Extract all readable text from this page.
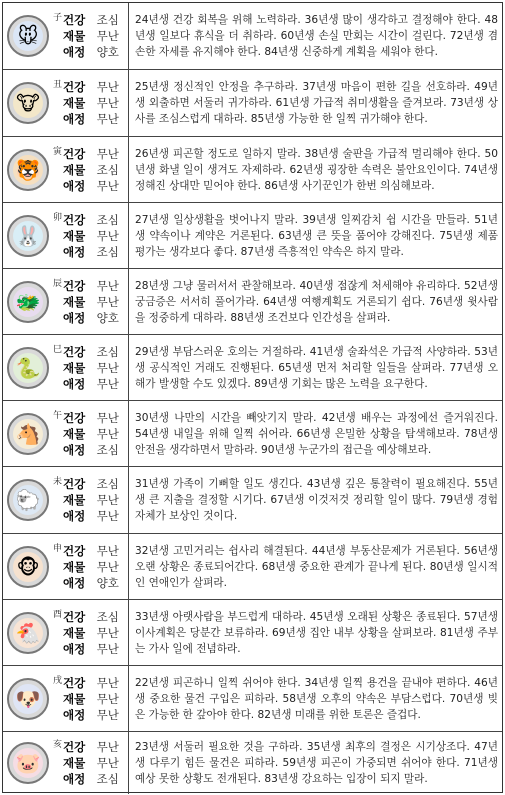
🐭
子 건강 조심
재물 무난
애정 양호
24년생 건강 회복을 위해 노력하라. 36년생 많이 생각하고 결정해야 한다. 48년생 일보다 휴식을 더 취하라. 60년생 손실 만회는 시간이 걸린다. 72년생 겸손한 자세를 유지해야 한다. 84년생 신중하게 계획을 세워야 한다.
🐮
丑 건강 무난
재물 무난
애정 무난
25년생 정신적인 안정을 추구하라. 37년생 마음이 편한 길을 선호하라. 49년생 외출하면 서둘러 귀가하라. 61년생 가급적 취미생활을 즐겨보라. 73년생 상사를 조심스럽게 대하라. 85년생 가능한 한 일찍 귀가해야 한다.
🐯
寅 건강 무난
재물 조심
애정 무난
26년생 피곤할 정도로 일하지 말라. 38년생 술판을 가급적 멀리해야 한다. 50년생 화낼 일이 생겨도 자제하라. 62년생 굉장한 속력은 불안요인이다. 74년생 정해진 상대만 믿어야 한다. 86년생 사기꾼인가 한번 의심해보라.
🐰
卯 건강 조심
재물 무난
애정 조심
27년생 일상생활을 벗어나지 말라. 39년생 일찌감치 쉽 시간을 만들라. 51년생 약속이나 계약은 거론된다. 63년생 큰 뜻을 품어야 강해진다. 75년생 제품 평가는 생각보다 좋다. 87년생 즉흥적인 약속은 하지 말라.
🐲
辰 건강 무난
재물 무난
애정 양호
28년생 그냥 물러서서 관찰해보라. 40년생 점잖게 처세해야 유리하다. 52년생 궁금증은 서서히 풀어가라. 64년생 여행계획도 거론되기 쉽다. 76년생 윗사람을 정중하게 대하라. 88년생 조건보다 인간성을 살펴라.
🐍
巳 건강 조심
재물 무난
애정 무난
29년생 부담스러운 호의는 거절하라. 41년생 술좌석은 가급적 사양하라. 53년생 공식적인 거래도 진행된다. 65년생 먼저 처리할 일들을 살펴라. 77년생 오해가 발생할 수도 있겠다. 89년생 기회는 많은 노력을 요구한다.
🐴
午 건강 무난
재물 무난
애정 조심
30년생 나만의 시간을 빼앗기지 말라. 42년생 배우는 과정에선 즐거워진다. 54년생 내일을 위해 일찍 쉬어라. 66년생 은밀한 상황을 탐색해보라. 78년생 안전을 생각하면서 말하라. 90년생 누군가의 접근을 예상해보라.
🐑
未 건강 조심
재물 무난
애정 무난
31년생 가족이 기뻐할 일도 생긴다. 43년생 깊은 통찰력이 필요해진다. 55년생 큰 지출을 결정할 시기다. 67년생 이것저것 정리할 일이 많다. 79년생 경험 자체가 보상인 것이다.
🐵
申 건강 무난
재물 무난
애정 양호
32년생 고민거리는 쉽사리 해결된다. 44년생 부동산문제가 거론된다. 56년생 오랜 상황은 종료되어간다. 68년생 중요한 관계가 끝나게 된다. 80년생 일시적인 연애인가 살펴라.
🐔
酉 건강 조심
재물 무난
애정 무난
33년생 아랫사람을 부드럽게 대하라. 45년생 오래된 상황은 종료된다. 57년생 이사계획은 당분간 보류하라. 69년생 집안 내부 상황을 살펴보라. 81년생 주부는 가사 일에 전념하라.
🐶
戌 건강 무난
재물 무난
애정 무난
22년생 피곤하니 일찍 쉬어야 한다. 34년생 일찍 용건을 끝내야 편하다. 46년생 중요한 물건 구입은 피하라. 58년생 오후의 약속은 부담스럽다. 70년생 빚은 가능한 한 갚아야 한다. 82년생 미래를 위한 토론은 즐겁다.
🐷
亥 건강 무난
재물 무난
애정 조심
23년생 서둘러 필요한 것을 구하라. 35년생 최후의 결정은 시기상조다. 47년생 다루기 힘든 물건은 피하라. 59년생 피곤이 가중되면 쉬어야 한다. 71년생 예상 못한 상황도 전개된다. 83년생 강요하는 입장이 되지 말라.
